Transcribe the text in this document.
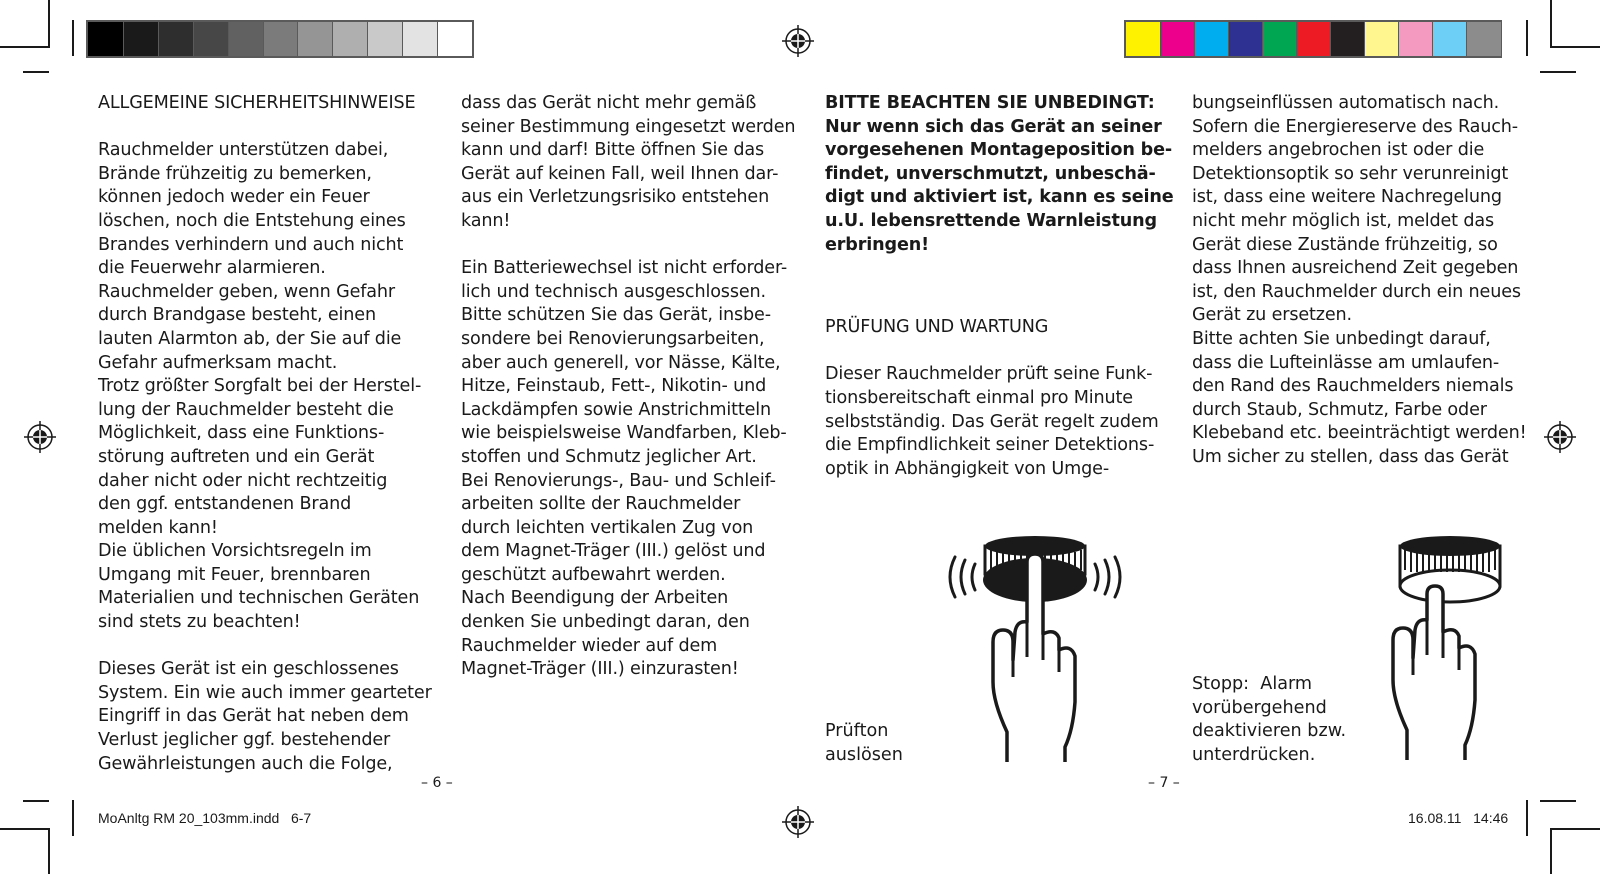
ALLGEMEINE SICHERHEITSHINWEISE

Rauchmelder unterstützen dabei,

Brände frühzeitig zu bemerken,

können jedoch weder ein Feuer

löschen, noch die Entstehung eines

Brandes verhindern und auch nicht

die Feuerwehr alarmieren.

Rauchmelder geben, wenn Gefahr

durch Brandgase besteht, einen

lauten Alarmton ab, der Sie auf die

Gefahr aufmerksam macht.

Trotz größter Sorgfalt bei der Herstel-

lung der Rauchmelder besteht die

Möglichkeit, dass eine Funktions-

störung auftreten und ein Gerät

daher nicht oder nicht rechtzeitig

den ggf. entstandenen Brand

melden kann!

Die üblichen Vorsichtsregeln im

Umgang mit Feuer, brennbaren

Materialien und technischen Geräten

sind stets zu beachten!

Dieses Gerät ist ein geschlossenes

System. Ein wie auch immer gearteter

Eingriff in das Gerät hat neben dem

Verlust jeglicher ggf. bestehender

Gewährleistungen auch die Folge,

dass das Gerät nicht mehr gemäß

seiner Bestimmung eingesetzt werden

kann und darf! Bitte öffnen Sie das

Gerät auf keinen Fall, weil Ihnen dar-

aus ein Verletzungsrisiko entstehen

kann!

Ein Batteriewechsel ist nicht erforder-

lich und technisch ausgeschlossen.

Bitte schützen Sie das Gerät, insbe-

sondere bei Renovierungsarbeiten,

aber auch generell, vor Nässe, Kälte,

Hitze, Feinstaub, Fett-, Nikotin- und

Lackdämpfen sowie Anstrichmitteln

wie beispielsweise Wandfarben, Kleb-

stoffen und Schmutz jeglicher Art.

Bei Renovierungs-, Bau- und Schleif-

arbeiten sollte der Rauchmelder

durch leichten vertikalen Zug von

dem Magnet-Träger (III.) gelöst und

geschützt aufbewahrt werden.

Nach Beendigung der Arbeiten

denken Sie unbedingt daran, den

Rauchmelder wieder auf dem

Magnet-Träger (III.) einzurasten!

BITTE BEACHTEN SIE UNBEDINGT:

Nur wenn sich das Gerät an seiner

vorgesehenen Montageposition be-

findet, unverschmutzt, unbeschä-

digt und aktiviert ist, kann es seine

u.U. lebensrettende Warnleistung

erbringen!

PRÜFUNG UND WARTUNG

Dieser Rauchmelder prüft seine Funk-

tionsbereitschaft einmal pro Minute

selbstständig. Das Gerät regelt zudem

die Empfindlichkeit seiner Detektions-

optik in Abhängigkeit von Umge-

bungseinflüssen automatisch nach.

Sofern die Energiereserve des Rauch-

melders angebrochen ist oder die

Detektionsoptik so sehr verunreinigt

ist, dass eine weitere Nachregelung

nicht mehr möglich ist, meldet das

Gerät diese Zustände frühzeitig, so

dass Ihnen ausreichend Zeit gegeben

ist, den Rauchmelder durch ein neues

Gerät zu ersetzen.

Bitte achten Sie unbedingt darauf,

dass die Lufteinlässe am umlaufen-

den Rand des Rauchmelders niemals

durch Staub, Schmutz, Farbe oder

Klebeband etc. beeinträchtigt werden!

Um sicher zu stellen, dass das Gerät

Prüfton

auslösen

Stopp:  Alarm

vorübergehend

deaktivieren bzw.

unterdrücken.

– 6 –	– 7 –
MoAnltg RM 20_103mm.indd   6-7	16.08.11   14:46
